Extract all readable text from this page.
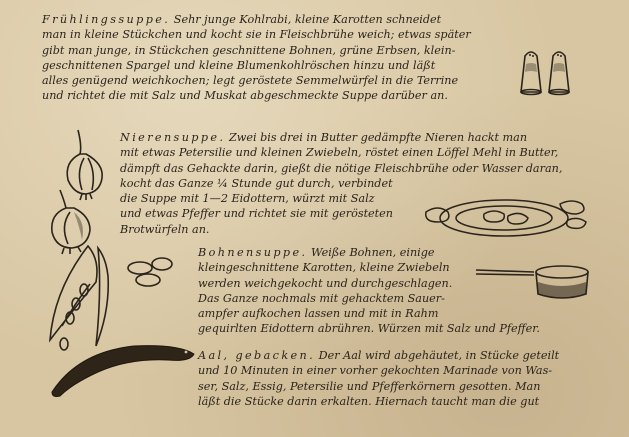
Frühlingssuppe. Sehr junge Kohlrabi, kleine Karotten schneidet
man in kleine Stückchen und kocht sie in Fleischbrühe weich; etwas später
gibt man junge, in Stückchen geschnittene Bohnen, grüne Erbsen, klein-
geschnittenen Spargel und kleine Blumenkohlröschen hinzu und läßt
alles genügend weichkochen; legt geröstete Semmelwürfel in die Terrine
und richtet die mit Salz und Muskat abgeschmeckte Suppe darüber an.
Nierensuppe. Zwei bis drei in Butter gedämpfte Nieren hackt man
mit etwas Petersilie und kleinen Zwiebeln, röstet einen Löffel Mehl in Butter,
dämpft das Gehackte darin, gießt die nötige Fleischbrühe oder Wasser daran,
kocht das Ganze ¼ Stunde gut durch, verbindet
die Suppe mit 1—2 Eidottern, würzt mit Salz
und etwas Pfeffer und richtet sie mit gerösteten
Brotwürfeln an.
Bohnensuppe. Weiße Bohnen, einige
kleingeschnittene Karotten, kleine Zwiebeln
werden weichgekocht und durchgeschlagen.
Das Ganze nochmals mit gehacktem Sauer-
ampfer aufkochen lassen und mit in Rahm
gequirlten Eidottern abrühren. Würzen mit Salz und Pfeffer.
Aal, gebacken. Der Aal wird abgehäutet, in Stücke geteilt
und 10 Minuten in einer vorher gekochten Marinade von Was-
ser, Salz, Essig, Petersilie und Pfefferkörnern gesotten. Man
läßt die Stücke darin erkalten. Hiernach taucht man die gut
